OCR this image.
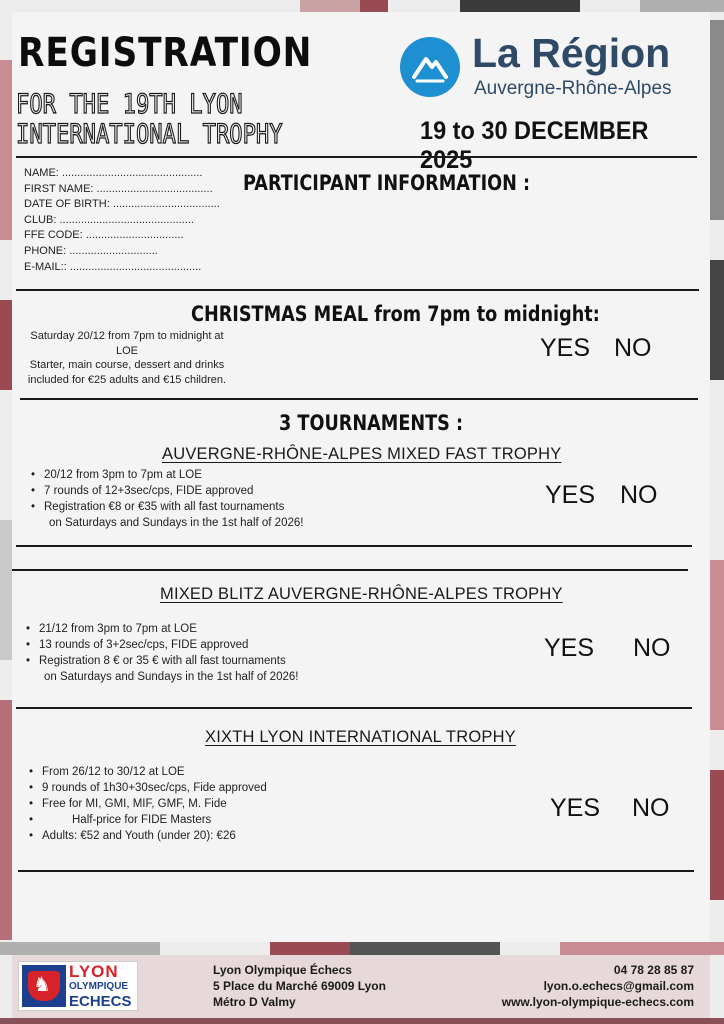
REGISTRATION
FOR THE 19TH LYON
INTERNATIONAL TROPHY	19 to 30 DECEMBER 2025
La Région
Auvergne-Rhône-Alpes
NAME: ..............................................
FIRST NAME: ......................................
DATE OF BIRTH: ...................................
CLUB: ............................................
FFE CODE: ................................
PHONE: .............................
E-MAIL:: ...........................................
PARTICIPANT INFORMATION :
CHRISTMAS MEAL from 7pm to midnight:
Saturday 20/12 from 7pm to midnight at
LOE
Starter, main course, dessert and drinks
included for €25 adults and €15 children.
YES NO
3 TOURNAMENTS :
AUVERGNE-RHÔNE-ALPES MIXED FAST TROPHY
• 20/12 from 3pm to 7pm at LOE
• 7 rounds of 12+3sec/cps, FIDE approved
• Registration €8 or €35 with all fast tournaments
on Saturdays and Sundays in the 1st half of 2026!
YES NO
MIXED BLITZ AUVERGNE-RHÔNE-ALPES TROPHY
• 21/12 from 3pm to 7pm at LOE
• 13 rounds of 3+2sec/cps, FIDE approved
• Registration 8 € or 35 € with all fast tournaments
on Saturdays and Sundays in the 1st half of 2026!
YES NO
XIXTH LYON INTERNATIONAL TROPHY
• From 26/12 to 30/12 at LOE
• 9 rounds of 1h30+30sec/cps, Fide approved
• Free for MI, GMI, MIF, GMF, M. Fide
• Half-price for FIDE Masters
• Adults: €52 and Youth (under 20): €26
YES NO
♞
LYON
OLYMPIQUE
ECHECS
Lyon Olympique Échecs
5 Place du Marché 69009 Lyon
Métro D Valmy
04 78 28 85 87
lyon.o.echecs@gmail.com
www.lyon-olympique-echecs.com
